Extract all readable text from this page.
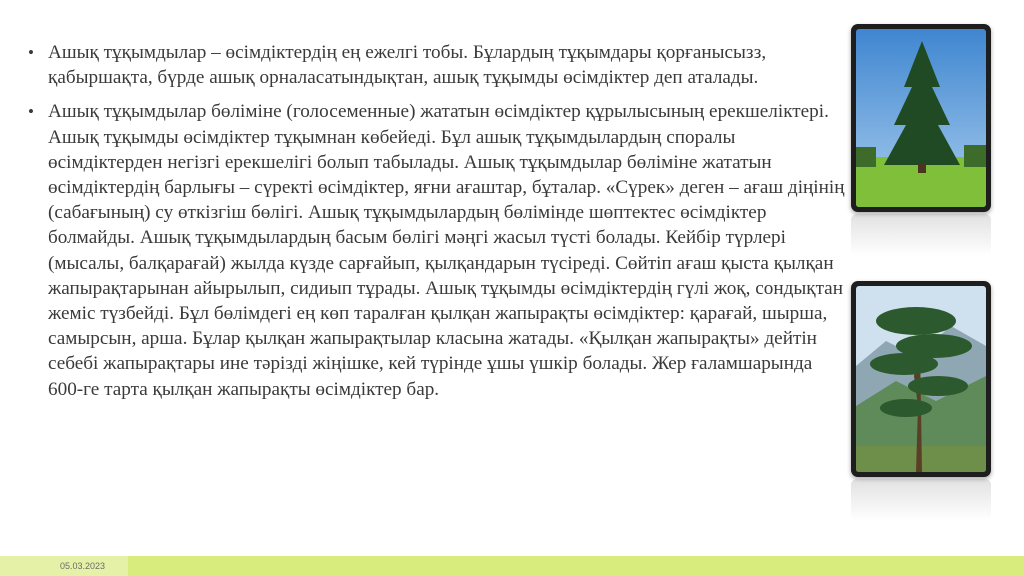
• Ашық тұқымдылар – өсімдіктердің ең ежелгі тобы. Бұлардың тұқымдары қорғанысызз, қабыршақта, бүрде ашық орналасатындықтан, ашық тұқымды өсімдіктер деп аталады.

• Ашық тұқымдылар бөліміне (голосеменные) жататын өсімдіктер құрылысының ерекшеліктері. Ашық тұқымды өсімдіктер тұқымнан көбейеді. Бұл ашық тұқымдылардың споралы өсімдіктерден негізгі ерекшелігі болып табылады. Ашық тұқымдылар бөліміне жататын өсімдіктердің барлығы – сүректі өсімдіктер, яғни ағаштар, бұталар. «Сүрек» деген – ағаш діңінің (сабағының) су өткізгіш бөлігі. Ашық тұқымдылардың бөлімінде шөптектес өсімдіктер болмайды. Ашық тұқымдылардың басым бөлігі мәңгі жасыл түсті болады. Кейбір түрлері (мысалы, балқарағай) жылда күзде сарғайып, қылқандарын түсіреді. Сөйтіп ағаш қыста қылқан жапырақтарынан айырылып, сидиып тұрады. Ашық тұқымды өсімдіктердің гүлі жоқ, сондықтан жеміс түзбейді. Бұл бөлімдегі ең көп таралған қылқан жапырақты өсімдіктер: қарағай, шырша, самырсын, арша. Бұлар қылқан жапырақтылар класына жатады. «Қылқан жапырақты» дейтін себебі жапырақтары ине тәрізді жіңішке, кей түрінде ұшы үшкір болады. Жер ғаламшарында 600-ге тарта қылқан жапырақты өсімдіктер бар.

05.03.2023
